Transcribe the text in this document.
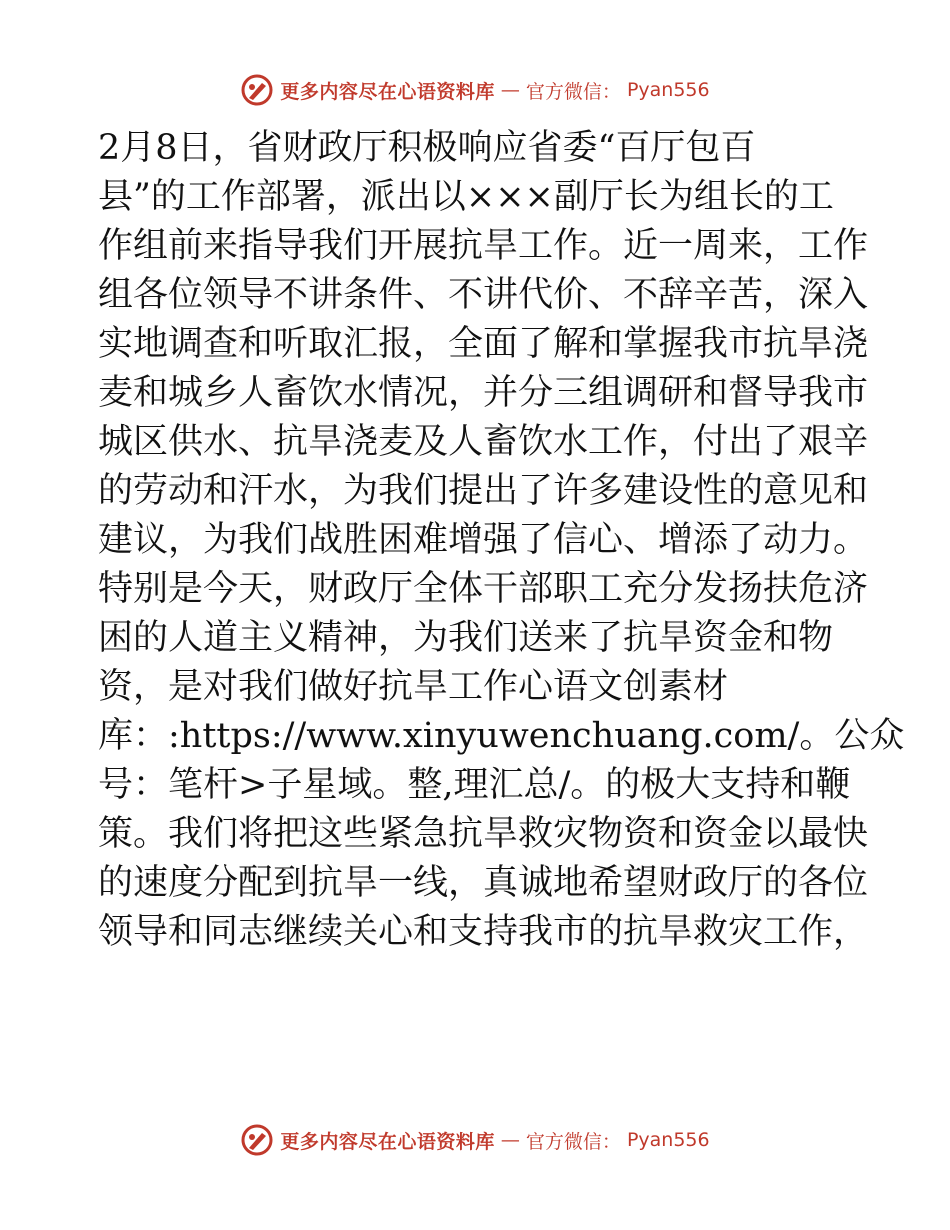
更多内容尽在心语资料库 — 官方微信： Pyan556
2月8日，省财政厅积极响应省委“百厅包百
县”的工作部署，派出以×××副厅长为组长的工
作组前来指导我们开展抗旱工作。近一周来，工作
组各位领导不讲条件、不讲代价、不辞辛苦，深入
实地调查和听取汇报，全面了解和掌握我市抗旱浇
麦和城乡人畜饮水情况，并分三组调研和督导我市
城区供水、抗旱浇麦及人畜饮水工作，付出了艰辛
的劳动和汗水，为我们提出了许多建设性的意见和
建议，为我们战胜困难增强了信心、增添了动力。
特别是今天，财政厅全体干部职工充分发扬扶危济
困的人道主义精神，为我们送来了抗旱资金和物
资，是对我们做好抗旱工作心语文创素材
库：:https://www.xinyuwenchuang.com/。公众
号：笔杆>子星域。整,理汇总/。的极大支持和鞭
策。我们将把这些紧急抗旱救灾物资和资金以最快
的速度分配到抗旱一线，真诚地希望财政厅的各位
领导和同志继续关心和支持我市的抗旱救灾工作，
更多内容尽在心语资料库 — 官方微信： Pyan556
